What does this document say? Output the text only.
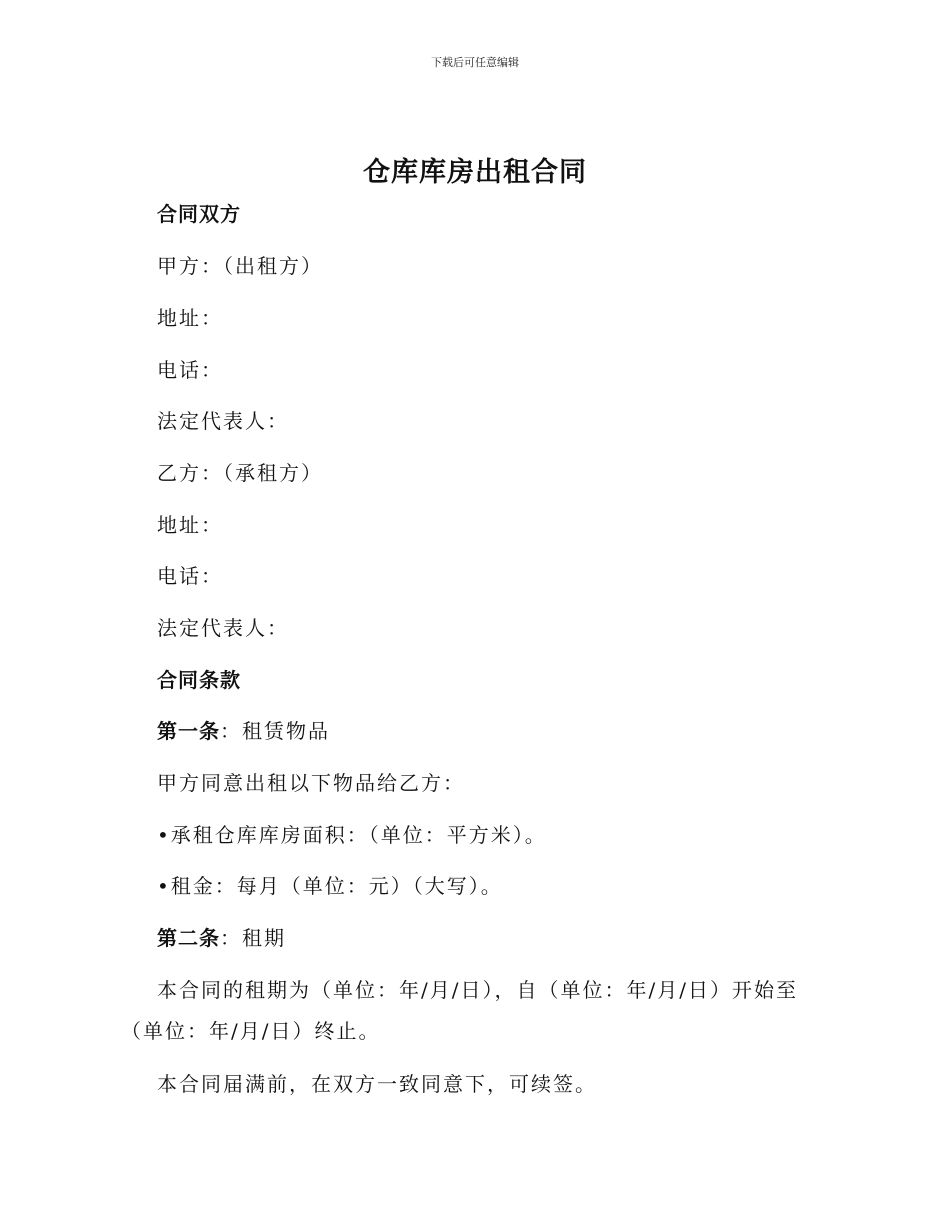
下载后可任意编辑
仓库库房出租合同
合同双方
甲方：（出租方）
地址：
电话：
法定代表人：
乙方：（承租方）
地址：
电话：
法定代表人：
合同条款
第一条：租赁物品
甲方同意出租以下物品给乙方：
•承租仓库库房面积：（单位：平方米）。
•租金：每月（单位：元）（大写）。
第二条：租期
本合同的租期为（单位：年/月/日），自（单位：年/月/日）开始至
（单位：年/月/日）终止。
本合同届满前，在双方一致同意下，可续签。
